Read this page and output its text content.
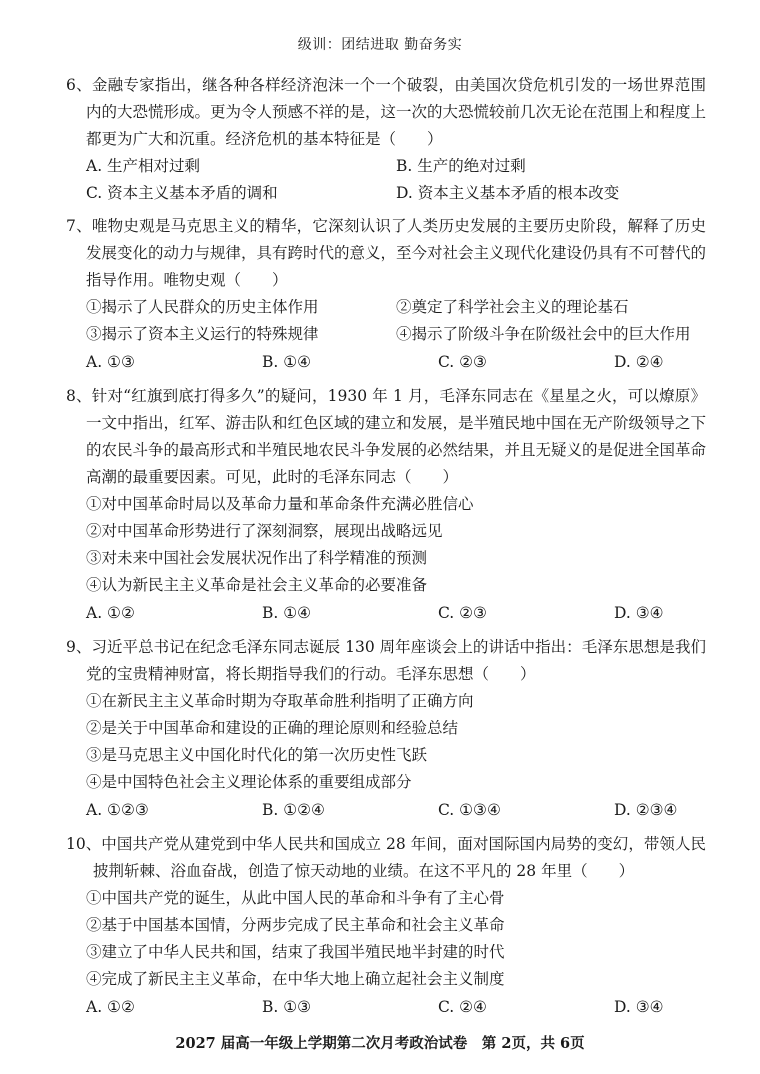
级训：团结进取 勤奋务实

6、金融专家指出，继各种各样经济泡沫一个一个破裂，由美国次贷危机引发的一场世界范围内的大恐慌形成。更为令人预感不祥的是，这一次的大恐慌较前几次无论在范围上和程度上都更为广大和沉重。经济危机的基本特征是（　　）

A. 生产相对过剩	B. 生产的绝对过剩
C. 资本主义基本矛盾的调和	D. 资本主义基本矛盾的根本改变

7、唯物史观是马克思主义的精华，它深刻认识了人类历史发展的主要历史阶段，解释了历史发展变化的动力与规律，具有跨时代的意义，至今对社会主义现代化建设仍具有不可替代的指导作用。唯物史观（　　）

①揭示了人民群众的历史主体作用	②奠定了科学社会主义的理论基石
③揭示了资本主义运行的特殊规律	④揭示了阶级斗争在阶级社会中的巨大作用
A. ①③	B. ①④	C. ②③	D. ②④

8、针对“红旗到底打得多久”的疑问，1930 年 1 月，毛泽东同志在《星星之火，可以燎原》一文中指出，红军、游击队和红色区域的建立和发展，是半殖民地中国在无产阶级领导之下的农民斗争的最高形式和半殖民地农民斗争发展的必然结果，并且无疑义的是促进全国革命高潮的最重要因素。可见，此时的毛泽东同志（　　）

①对中国革命时局以及革命力量和革命条件充满必胜信心
②对中国革命形势进行了深刻洞察，展现出战略远见
③对未来中国社会发展状况作出了科学精准的预测
④认为新民主主义革命是社会主义革命的必要准备
A. ①②	B. ①④	C. ②③	D. ③④

9、习近平总书记在纪念毛泽东同志诞辰 130 周年座谈会上的讲话中指出：毛泽东思想是我们党的宝贵精神财富，将长期指导我们的行动。毛泽东思想（　　）

①在新民主主义革命时期为夺取革命胜利指明了正确方向
②是关于中国革命和建设的正确的理论原则和经验总结
③是马克思主义中国化时代化的第一次历史性飞跃
④是中国特色社会主义理论体系的重要组成部分
A. ①②③	B. ①②④	C. ①③④	D. ②③④

10、中国共产党从建党到中华人民共和国成立 28 年间，面对国际国内局势的变幻，带领人民披荆斩棘、浴血奋战，创造了惊天动地的业绩。在这不平凡的 28 年里（　　）

①中国共产党的诞生，从此中国人民的革命和斗争有了主心骨
②基于中国基本国情，分两步完成了民主革命和社会主义革命
③建立了中华人民共和国，结束了我国半殖民地半封建的时代
④完成了新民主主义革命，在中华大地上确立起社会主义制度
A. ①②	B. ①③	C. ②④	D. ③④
2027 届高一年级上学期第二次月考政治试卷　第 2页，共 6页
